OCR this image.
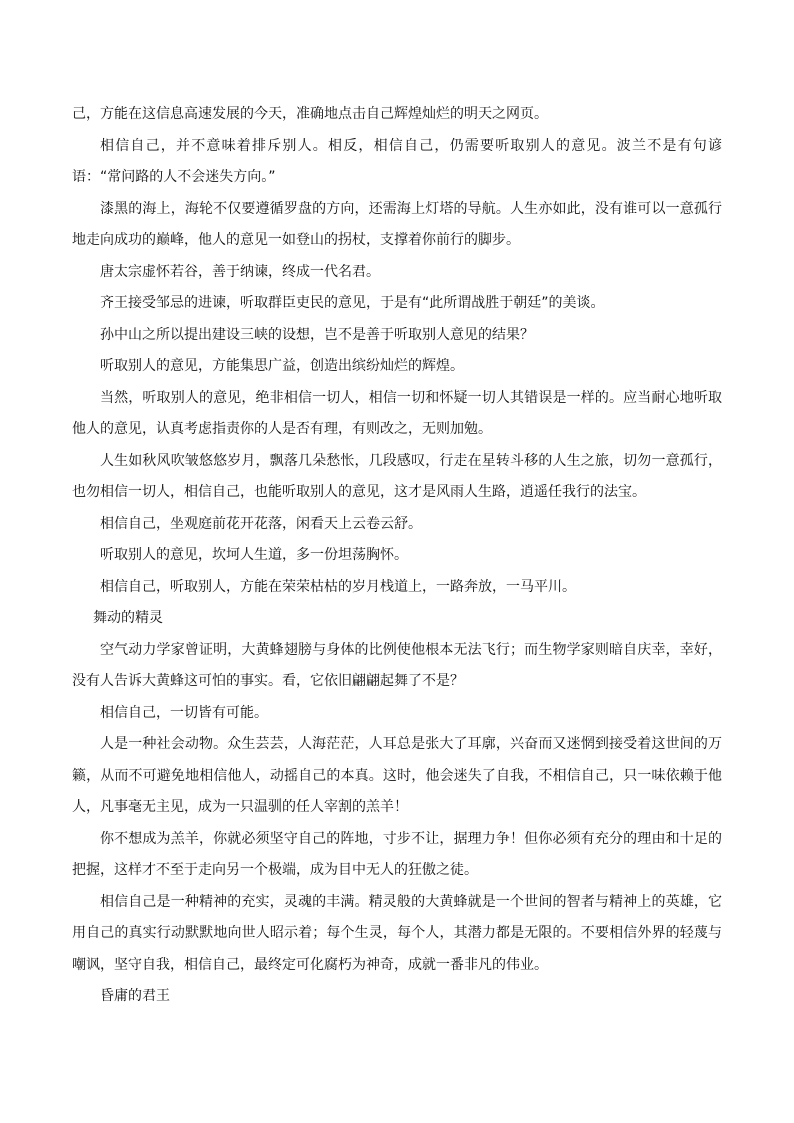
己，方能在这信息高速发展的今天，准确地点击自己辉煌灿烂的明天之网页。

相信自己，并不意味着排斥别人。相反，相信自己，仍需要听取别人的意见。波兰不是有句谚语：“常问路的人不会迷失方向。”

漆黑的海上，海轮不仅要遵循罗盘的方向，还需海上灯塔的导航。人生亦如此，没有谁可以一意孤行地走向成功的巅峰，他人的意见一如登山的拐杖，支撑着你前行的脚步。

唐太宗虚怀若谷，善于纳谏，终成一代名君。

齐王接受邹忌的进谏，听取群臣吏民的意见，于是有“此所谓战胜于朝廷”的美谈。

孙中山之所以提出建设三峡的设想，岂不是善于听取别人意见的结果？

听取别人的意见，方能集思广益，创造出缤纷灿烂的辉煌。

当然，听取别人的意见，绝非相信一切人，相信一切和怀疑一切人其错误是一样的。应当耐心地听取他人的意见，认真考虑指责你的人是否有理，有则改之，无则加勉。

人生如秋风吹皱悠悠岁月，飘落几朵愁怅，几段感叹，行走在星转斗移的人生之旅，切勿一意孤行，也勿相信一切人，相信自己，也能听取别人的意见，这才是风雨人生路，逍遥任我行的法宝。

相信自己，坐观庭前花开花落，闲看天上云卷云舒。

听取别人的意见，坎坷人生道，多一份坦荡胸怀。

相信自己，听取别人，方能在荣荣枯枯的岁月栈道上，一路奔放，一马平川。

舞动的精灵

空气动力学家曾证明，大黄蜂翅膀与身体的比例使他根本无法飞行；而生物学家则暗自庆幸，幸好，没有人告诉大黄蜂这可怕的事实。看，它依旧翩翩起舞了不是？

相信自己，一切皆有可能。

人是一种社会动物。众生芸芸，人海茫茫，人耳总是张大了耳廓，兴奋而又迷惘到接受着这世间的万籁，从而不可避免地相信他人，动摇自己的本真。这时，他会迷失了自我，不相信自己，只一味依赖于他人，凡事毫无主见，成为一只温驯的任人宰割的羔羊！

你不想成为羔羊，你就必须坚守自己的阵地，寸步不让，据理力争！但你必须有充分的理由和十足的把握，这样才不至于走向另一个极端，成为目中无人的狂傲之徒。

相信自己是一种精神的充实，灵魂的丰满。精灵般的大黄蜂就是一个世间的智者与精神上的英雄，它用自己的真实行动默默地向世人昭示着；每个生灵，每个人，其潜力都是无限的。不要相信外界的轻蔑与嘲讽，坚守自我，相信自己，最终定可化腐朽为神奇，成就一番非凡的伟业。

昏庸的君王
